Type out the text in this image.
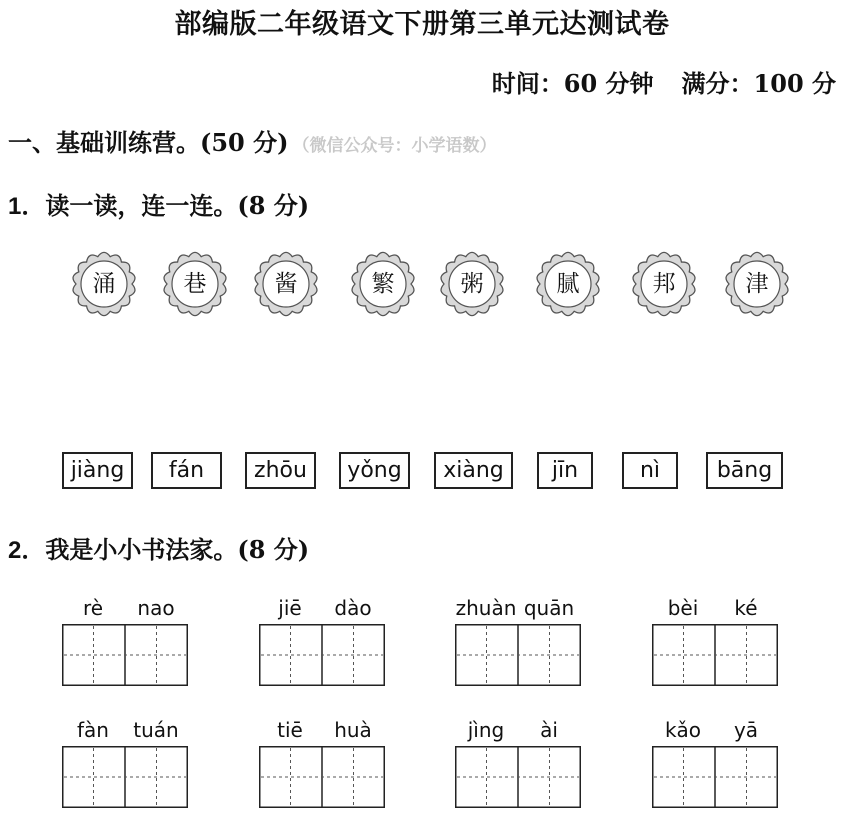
部编版二年级语文下册第三单元达测试卷
时间：60 分钟 满分：100 分
一、基础训练营。(50 分) （微信公众号：小学语数）
1．读一读，连一连。(8 分)
涌	巷	酱	繁	粥	腻	邦	津
jiàng	fán	zhōu	yǒng	xiàng	jīn	nì	bāng
2．我是小小书法家。(8 分)
rè	nao	jiē	dào	zhuàn quān	bèi	ké
fàn	tuán	tiē	huà	jìng	ài	kǎo	yā
